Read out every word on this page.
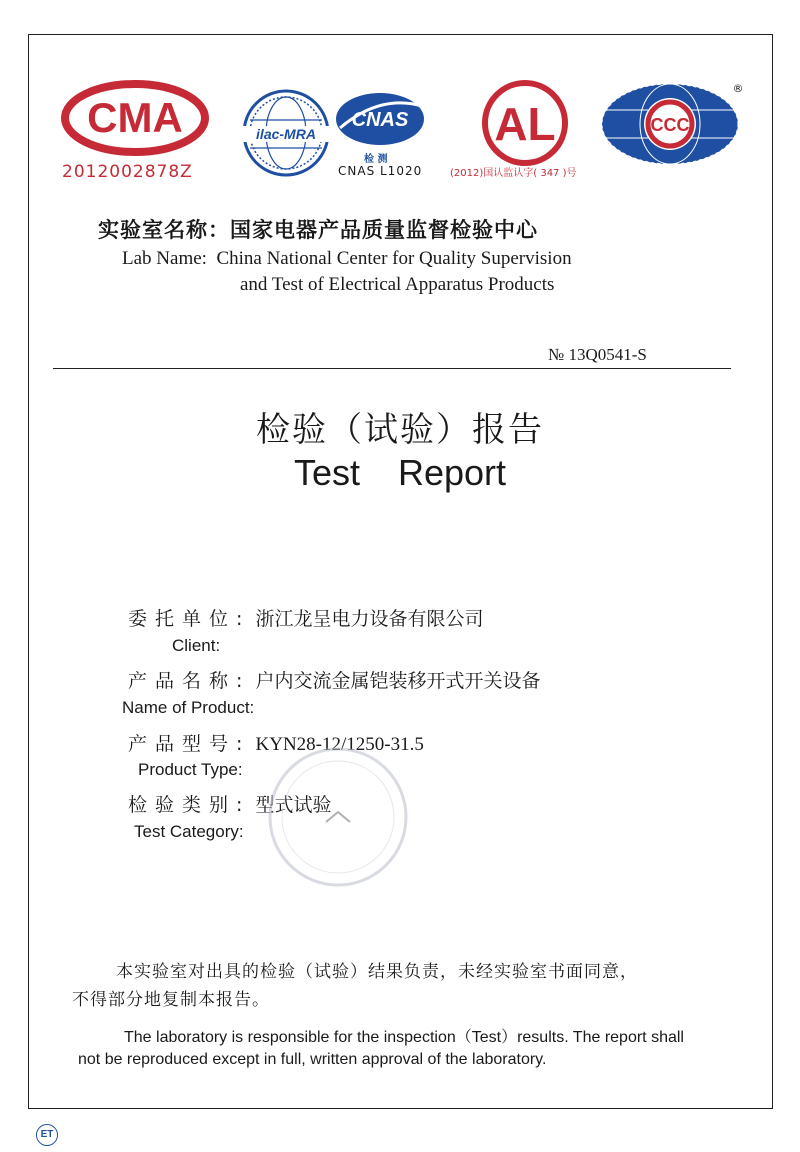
CMA
2012002878Z
ilac-MRA
CNAS
检 测
CNAS L1020
AL
(2012)国认监认字( 347 )号
CCC
®
实验室名称：国家电器产品质量监督检验中心
Lab Name: China National Center for Quality Supervision
and Test of Electrical Apparatus Products
№ 13Q0541-S
检验（试验）报告
Test Report
委托单位: 浙江龙呈电力设备有限公司
Client:
产品名称: 户内交流金属铠装移开式开关设备
Name of Product:
产品型号: KYN28-12/1250-31.5
Product Type:
检验类别: 型式试验
Test Category:
本实验室对出具的检验（试验）结果负责，未经实验室书面同意，
不得部分地复制本报告。
The laboratory is responsible for the inspection（Test）results. The report shall
not be reproduced except in full, written approval of the laboratory.
ET
